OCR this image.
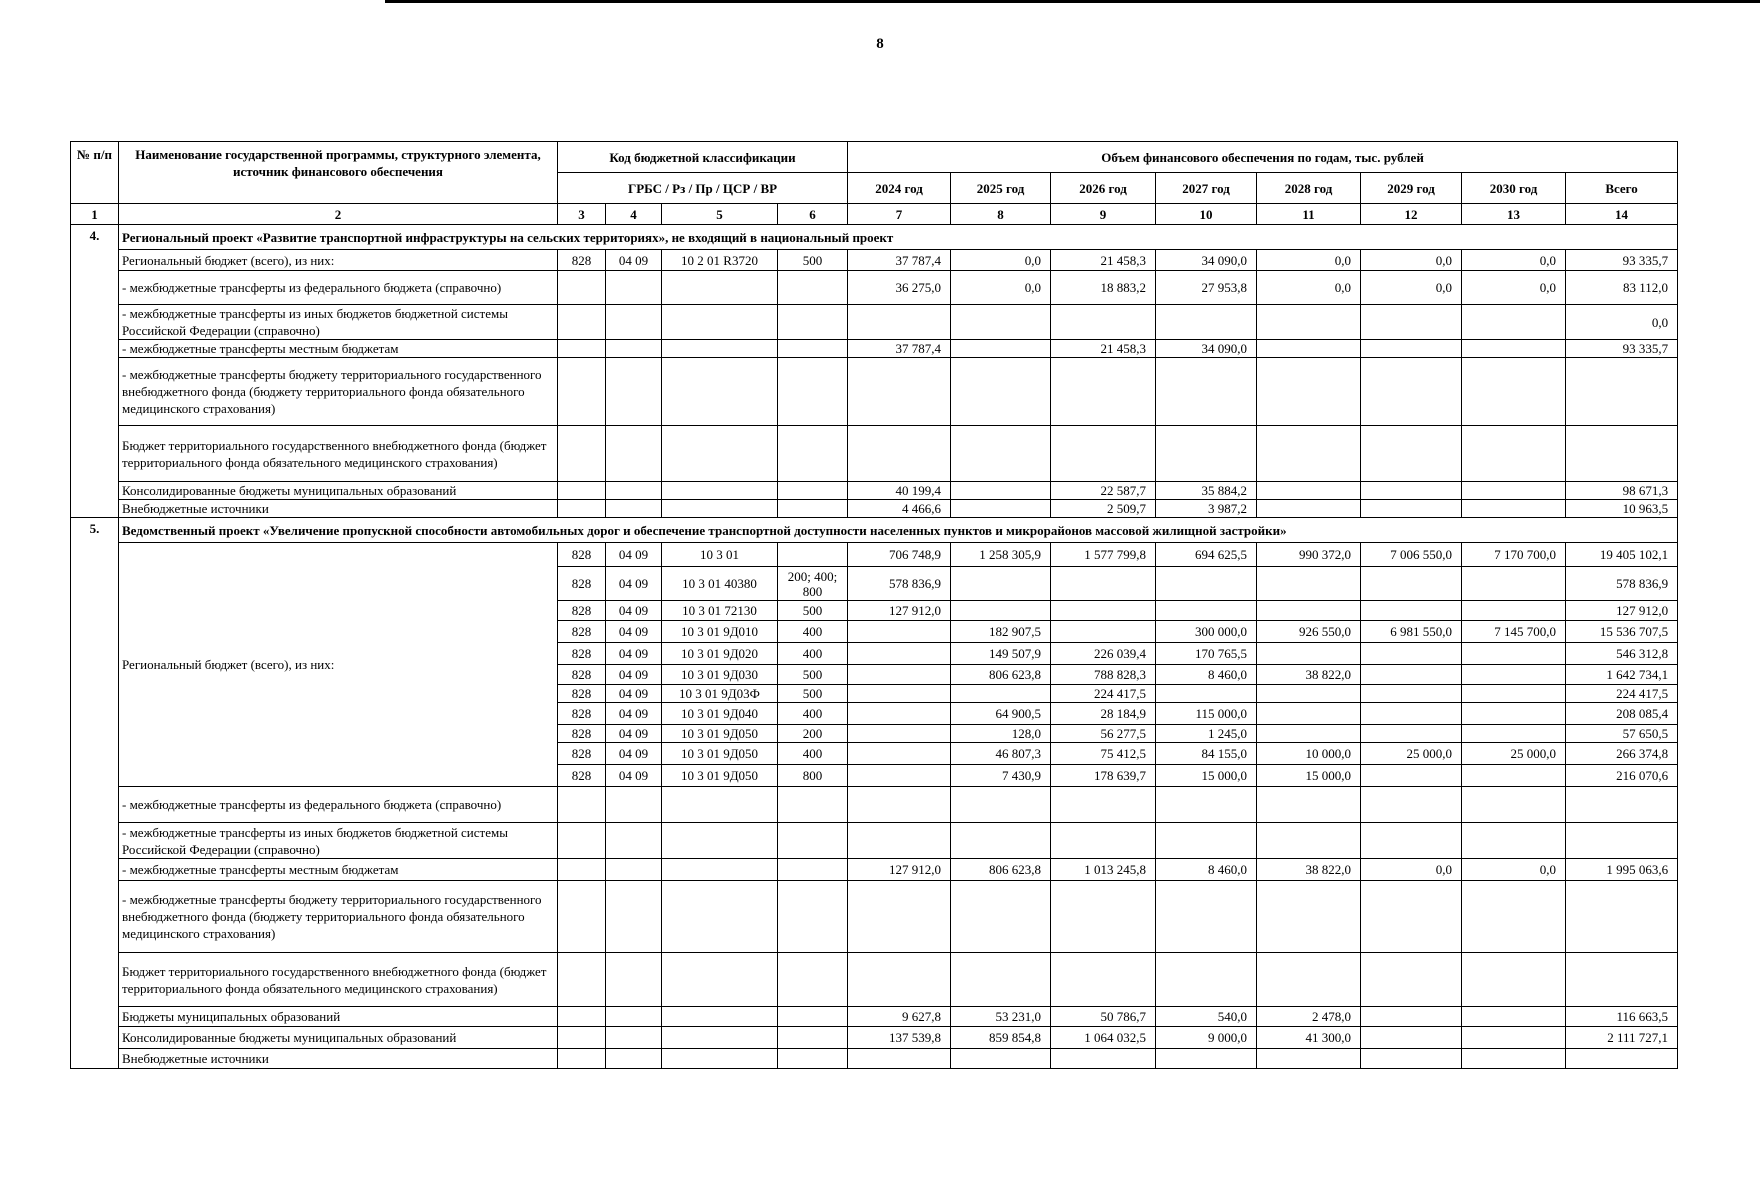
8
№ п/п	Наименование государственной программы, структурного элемента, источник финансового обеспечения	Код бюджетной классификации				Объем финансового обеспечения по годам, тыс. рублей							
		ГРБС / Рз / Пр / ЦСР / ВР				2024 год	2025 год	2026 год	2027 год	2028 год	2029 год	2030 год	Всего
1	2	3	4	5	6	7	8	9	10	11	12	13	14
4.	Региональный проект «Развитие транспортной инфраструктуры на сельских территориях», не входящий в национальный проект												
	Региональный бюджет (всего), из них:	828	04 09	10 2 01 R3720	500	37 787,4	0,0	21 458,3	34 090,0	0,0	0,0	0,0	93 335,7
	- межбюджетные трансферты из федерального бюджета (справочно)					36 275,0	0,0	18 883,2	27 953,8	0,0	0,0	0,0	83 112,0
	- межбюджетные трансферты из иных бюджетов бюджетной системы Российской Федерации (справочно)												0,0
	- межбюджетные трансферты местным бюджетам					37 787,4		21 458,3	34 090,0				93 335,7
	- межбюджетные трансферты бюджету территориального государственного внебюджетного фонда (бюджету территориального фонда обязательного медицинского страхования)												
	Бюджет территориального государственного внебюджетного фонда (бюджет территориального фонда обязательного медицинского страхования)												
	Консолидированные бюджеты муниципальных образований					40 199,4		22 587,7	35 884,2				98 671,3
	Внебюджетные источники					4 466,6		2 509,7	3 987,2				10 963,5
5.	Ведомственный проект «Увеличение пропускной способности автомобильных дорог и обеспечение транспортной доступности населенных пунктов и микрорайонов массовой жилищной застройки»												
	Региональный бюджет (всего), из них:	828	04 09	10 3 01		706 748,9	1 258 305,9	1 577 799,8	694 625,5	990 372,0	7 006 550,0	7 170 700,0	19 405 102,1
		828	04 09	10 3 01 40380	200; 400; 800	578 836,9							578 836,9
		828	04 09	10 3 01 72130	500	127 912,0							127 912,0
		828	04 09	10 3 01 9Д010	400		182 907,5		300 000,0	926 550,0	6 981 550,0	7 145 700,0	15 536 707,5
		828	04 09	10 3 01 9Д020	400		149 507,9	226 039,4	170 765,5				546 312,8
		828	04 09	10 3 01 9Д030	500		806 623,8	788 828,3	8 460,0	38 822,0			1 642 734,1
		828	04 09	10 3 01 9Д03Ф	500			224 417,5					224 417,5
		828	04 09	10 3 01 9Д040	400		64 900,5	28 184,9	115 000,0				208 085,4
		828	04 09	10 3 01 9Д050	200		128,0	56 277,5	1 245,0				57 650,5
		828	04 09	10 3 01 9Д050	400		46 807,3	75 412,5	84 155,0	10 000,0	25 000,0	25 000,0	266 374,8
		828	04 09	10 3 01 9Д050	800		7 430,9	178 639,7	15 000,0	15 000,0			216 070,6
	- межбюджетные трансферты из федерального бюджета (справочно)												
	- межбюджетные трансферты из иных бюджетов бюджетной системы Российской Федерации (справочно)												
	- межбюджетные трансферты местным бюджетам					127 912,0	806 623,8	1 013 245,8	8 460,0	38 822,0	0,0	0,0	1 995 063,6
	- межбюджетные трансферты бюджету территориального государственного внебюджетного фонда (бюджету территориального фонда обязательного медицинского страхования)												
	Бюджет территориального государственного внебюджетного фонда (бюджет территориального фонда обязательного медицинского страхования)												
	Бюджеты муниципальных образований					9 627,8	53 231,0	50 786,7	540,0	2 478,0			116 663,5
	Консолидированные бюджеты муниципальных образований					137 539,8	859 854,8	1 064 032,5	9 000,0	41 300,0			2 111 727,1
	Внебюджетные источники												
